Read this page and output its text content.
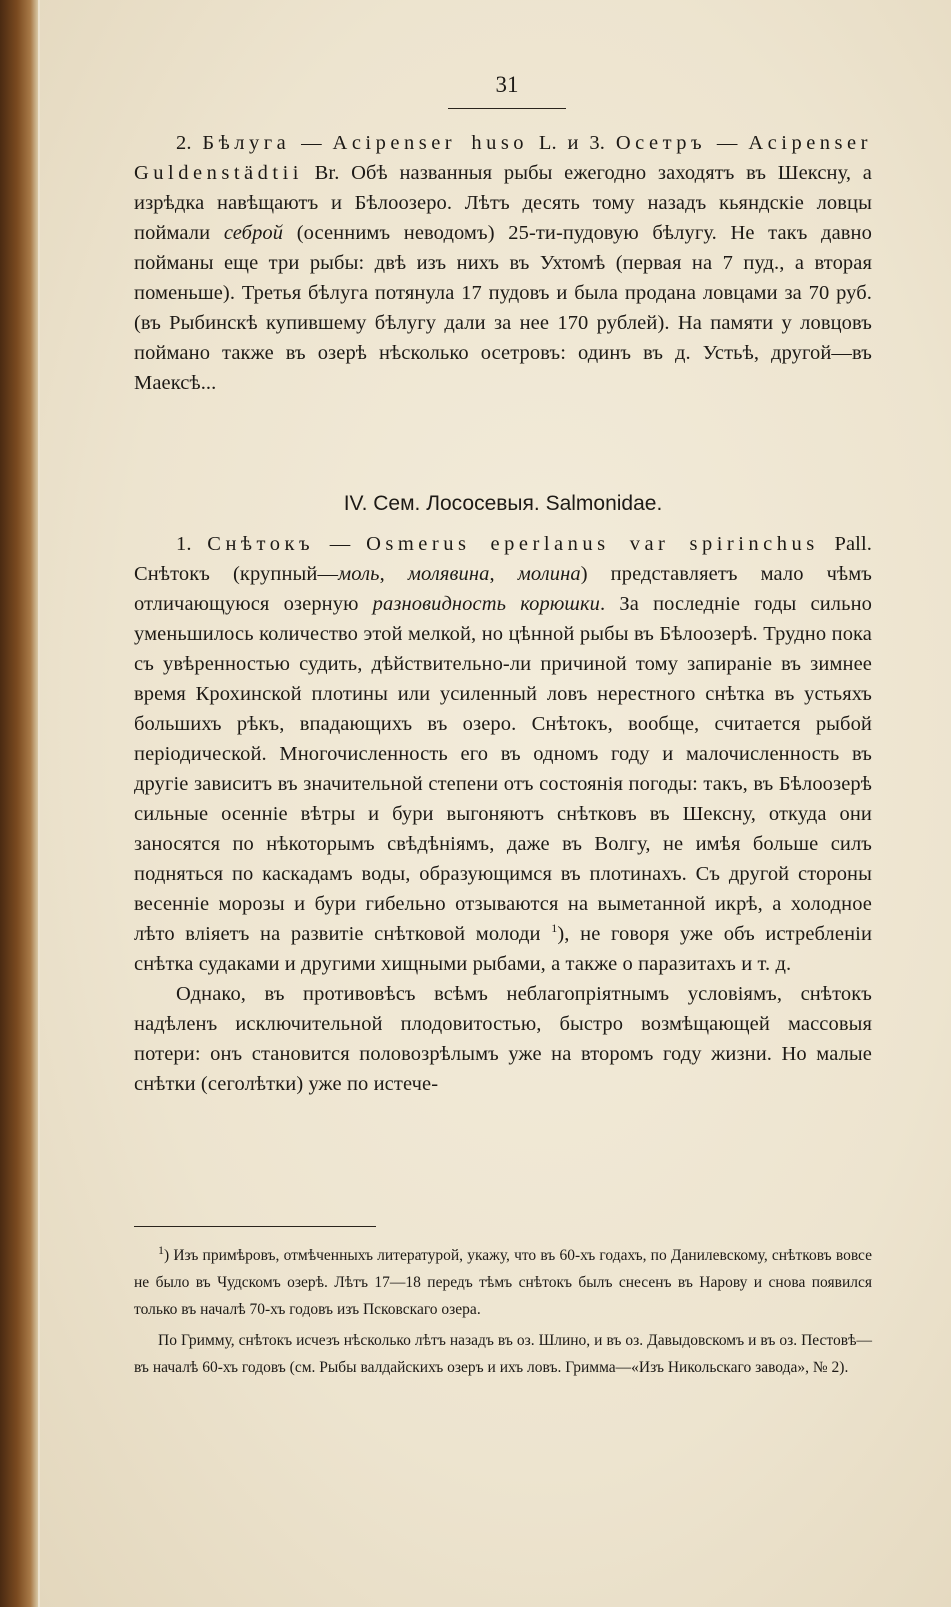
31

2. Бѣлуга — Acipenser huso L. и 3. Осетръ — Acipenser Guldenstädtii Br. Обѣ названныя рыбы ежегодно заходятъ въ Шексну, а изрѣдка навѣщаютъ и Бѣлоозеро. Лѣтъ десять тому назадъ кьяндскіе ловцы поймали себрой (осеннимъ неводомъ) 25-ти-пудовую бѣлугу. Не такъ давно пойманы еще три рыбы: двѣ изъ нихъ въ Ухтомѣ (первая на 7 пуд., а вторая поменьше). Третья бѣлуга потянула 17 пудовъ и была продана ловцами за 70 руб. (въ Рыбинскѣ купившему бѣлугу дали за нее 170 рублей). На памяти у ловцовъ поймано также въ озерѣ нѣсколько осетровъ: одинъ въ д. Устьѣ, другой—въ Маексѣ...

IV. Сем. Лососевыя. Salmonidae.

1. Снѣтокъ — Osmerus eperlanus var spirinchus Pall. Снѣтокъ (крупный—моль, молявина, молина) представляетъ мало чѣмъ отличающуюся озерную разновидность корюшки. За последніе годы сильно уменьшилось количество этой мелкой, но цѣнной рыбы въ Бѣлоозерѣ. Трудно пока съ увѣренностью судить, дѣйствительно-ли причиной тому запираніе въ зимнее время Крохинской плотины или усиленный ловъ нерестного снѣтка въ устьяхъ большихъ рѣкъ, впадающихъ въ озеро. Снѣтокъ, вообще, считается рыбой періодической. Многочисленность его въ одномъ году и малочисленность въ другіе зависитъ въ значительной степени отъ состоянія погоды: такъ, въ Бѣлоозерѣ сильные осенніе вѣтры и бури выгоняютъ снѣтковъ въ Шексну, откуда они заносятся по нѣкоторымъ свѣдѣніямъ, даже въ Волгу, не имѣя больше силъ подняться по каскадамъ воды, образующимся въ плотинахъ. Съ другой стороны весенніе морозы и бури гибельно отзываются на выметанной икрѣ, а холодное лѣто вліяетъ на развитіе снѣтковой молоди $^1$), не говоря уже объ истребленіи снѣтка судаками и другими хищными рыбами, а также о паразитахъ и т. д.

Однако, въ противовѣсъ всѣмъ неблагопріятнымъ условіямъ, снѣтокъ надѣленъ исключительной плодовитостью, быстро возмѣщающей массовыя потери: онъ становится половозрѣлымъ уже на второмъ году жизни. Но малые снѣтки (сеголѣтки) уже по истече-

$^1$) Изъ примѣровъ, отмѣченныхъ литературой, укажу, что въ 60-хъ годахъ, по Данилевскому, снѣтковъ вовсе не было въ Чудскомъ озерѣ. Лѣтъ 17—18 передъ тѣмъ снѣтокъ былъ снесенъ въ Нарову и снова появился только въ началѣ 70-хъ годовъ изъ Псковскаго озера.

По Гримму, снѣтокъ исчезъ нѣсколько лѣтъ назадъ въ оз. Шлино, и въ оз. Давыдовскомъ и въ оз. Пестовѣ—въ началѣ 60-хъ годовъ (см. Рыбы валдайскихъ озеръ и ихъ ловъ. Гримма—«Изъ Никольскаго завода», № 2).
